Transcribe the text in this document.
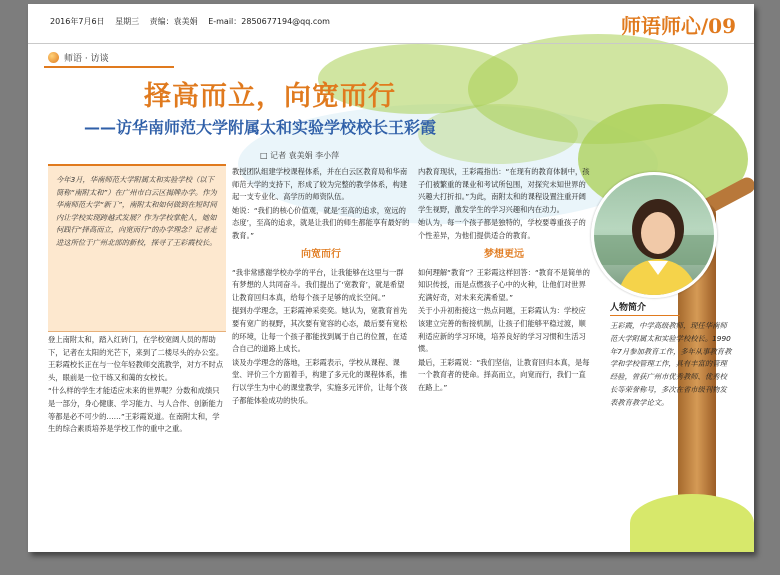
2016年7月6日 星期三 责编：袁美娟 E-mail：2850677194@qq.com	师语师心/09
师语 · 访谈
择高而立，向宽而行
——访华南师范大学附属太和实验学校校长王彩霞
□ 记者 袁美娟 李小萍

今年3月，华南师范大学附属太和实验学校（以下简称“南附太和”）在广州市白云区揭牌办学。作为华南师范大学“新丁”，南附太和如何做到在短时间内让学校实现跨越式发展？作为学校掌舵人，她如何践行“择高而立，向宽而行”的办学理念？记者走进这所位于广州北部的新校，探寻了王彩霞校长。

登上南附太和，踏入红砖门，在学校宽阔人员的帮助下，记者在太阳的光芒下，来到了二楼尽头的办公室。王彩霞校长正在与一位年轻教师交流教学，对方不时点头，眼前是一位干练又和蔼的女校长。

“什么样的学生才能适应未来的世界呢？分数和成绩只是一部分，身心健康、学习能力、与人合作、创新能力等都是必不可少的……”王彩霞说道。在南附太和，学生的综合素质培养是学校工作的重中之重。

教授团队组建学校课程体系，并在白云区教育局和华南师范大学的支持下，形成了较为完整的教学体系，构建起一支专业化、高学历的师资队伍。

她说：“我们的核心价值观，就是‘至高的追求，宽远的态度’，至高的追求，就是让我们的师生都能享有最好的教育。”

向宽而行

“我非常感谢学校办学的平台，让我能够在这里与一群有梦想的人共同奋斗。我们提出了‘宽教育’，就是希望让教育回归本真，给每个孩子足够的成长空间。”

提到办学理念，王彩霞神采奕奕。她认为，宽教育首先要有宽广的视野，其次要有宽容的心态，最后要有宽松的环境，让每一个孩子都能找到属于自己的位置，在适合自己的道路上成长。

谈及办学理念的落地，王彩霞表示，学校从课程、课堂、评价三个方面着手，构建了多元化的课程体系，推行以学生为中心的课堂教学，实施多元评价，让每个孩子都能体验成功的快乐。

内教育现状，王彩霞指出：“在现有的教育体制中，孩子们被繁重的课业和考试所包围，对探究未知世界的兴趣大打折扣。”为此，南附太和的课程设置注重开阔学生视野，激发学生的学习兴趣和内在动力。

她认为，每一个孩子都是独特的，学校要尊重孩子的个性差异，为他们提供适合的教育。

梦想更远

如何理解“教育”？王彩霞这样回答：“教育不是简单的知识传授，而是点燃孩子心中的火种，让他们对世界充满好奇，对未来充满希望。”

关于小升初衔接这一热点问题，王彩霞认为：学校应该建立完善的衔接机制，让孩子们能够平稳过渡，顺利适应新的学习环境，培养良好的学习习惯和生活习惯。

最后，王彩霞说：“我们坚信，让教育回归本真，是每一个教育者的使命。择高而立，向宽而行，我们一直在路上。”

人物简介

王彩霞，中学高级教师，现任华南师范大学附属太和实验学校校长。1990年7月参加教育工作，多年从事教育教学和学校管理工作，具有丰富的管理经验，曾获广州市优秀教师、优秀校长等荣誉称号，多次在省市级刊物发表教育教学论文。
